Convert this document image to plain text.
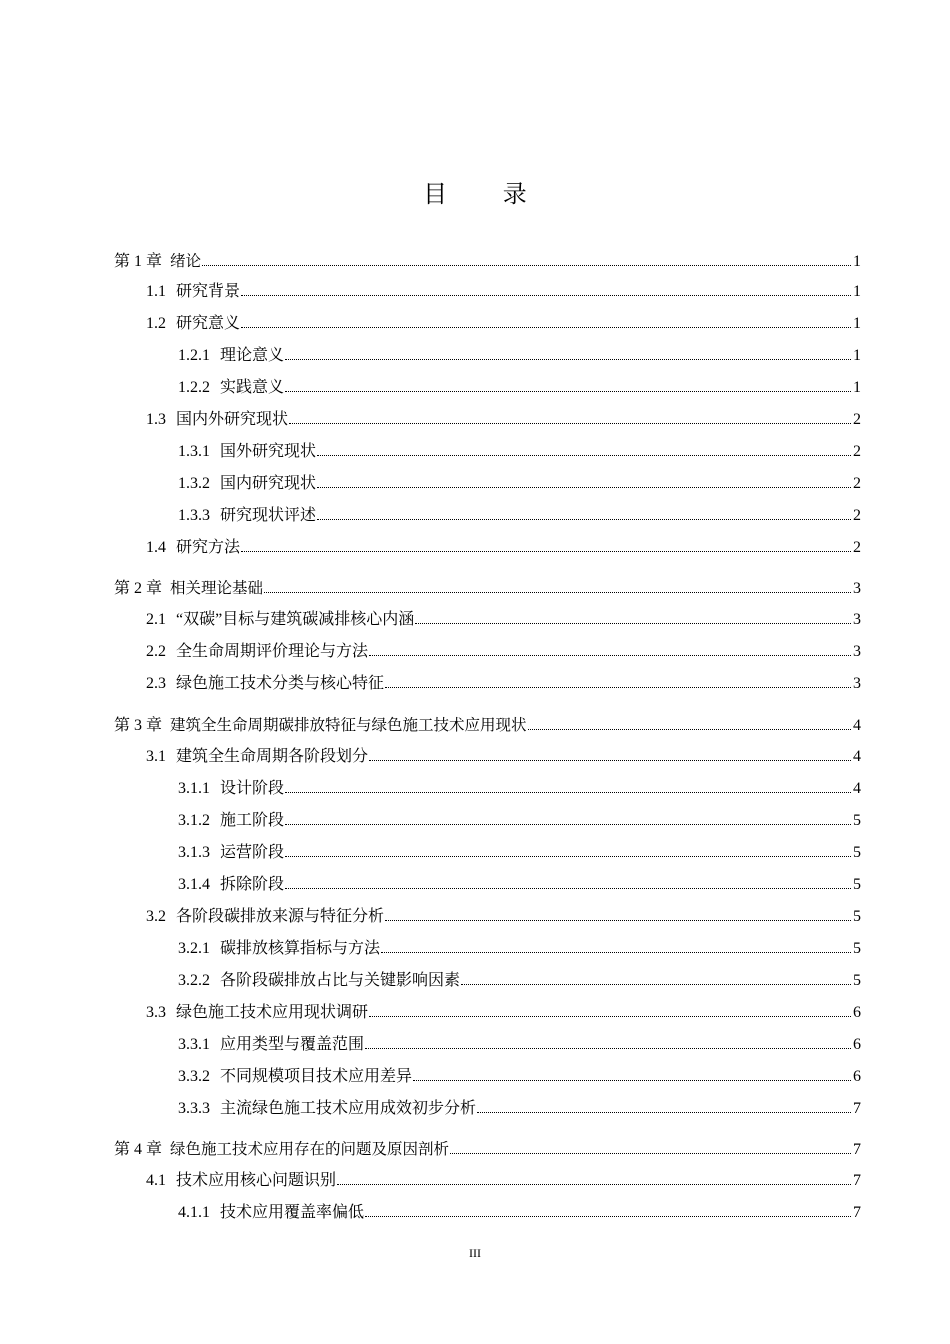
目 录
第 1 章 绪论	1
1.1 研究背景	1
1.2 研究意义	1
1.2.1 理论意义	1
1.2.2 实践意义	1
1.3 国内外研究现状	2
1.3.1 国外研究现状	2
1.3.2 国内研究现状	2
1.3.3 研究现状评述	2
1.4 研究方法	2
第 2 章 相关理论基础	3
2.1 “双碳”目标与建筑碳减排核心内涵	3
2.2 全生命周期评价理论与方法	3
2.3 绿色施工技术分类与核心特征	3
第 3 章 建筑全生命周期碳排放特征与绿色施工技术应用现状	4
3.1 建筑全生命周期各阶段划分	4
3.1.1 设计阶段	4
3.1.2 施工阶段	5
3.1.3 运营阶段	5
3.1.4 拆除阶段	5
3.2 各阶段碳排放来源与特征分析	5
3.2.1 碳排放核算指标与方法	5
3.2.2 各阶段碳排放占比与关键影响因素	5
3.3 绿色施工技术应用现状调研	6
3.3.1 应用类型与覆盖范围	6
3.3.2 不同规模项目技术应用差异	6
3.3.3 主流绿色施工技术应用成效初步分析	7
第 4 章 绿色施工技术应用存在的问题及原因剖析	7
4.1 技术应用核心问题识别	7
4.1.1 技术应用覆盖率偏低	7
III
